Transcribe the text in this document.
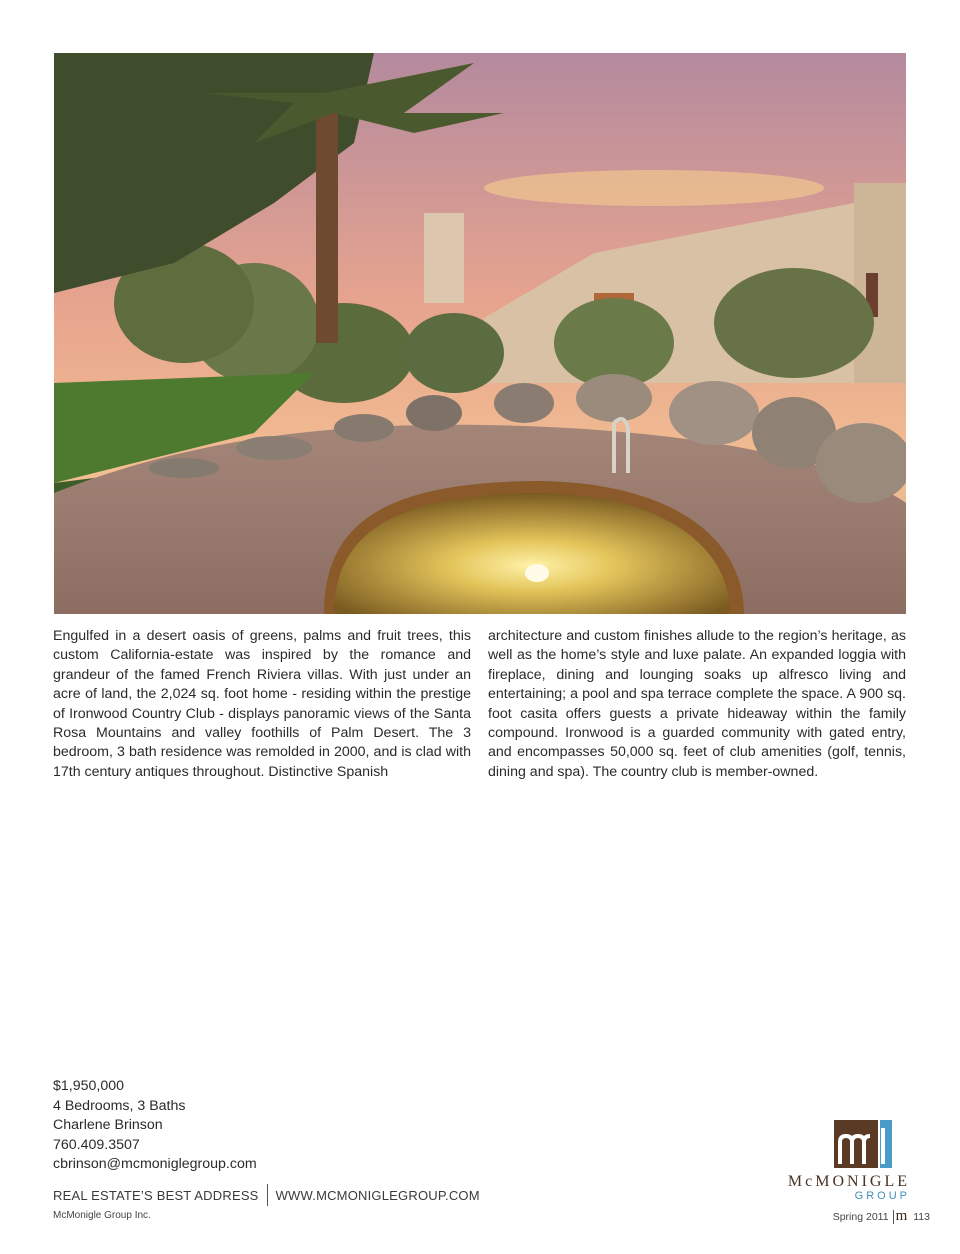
Engulfed in a desert oasis of greens, palms and fruit trees, this custom California-estate was inspired by the romance and grandeur of the famed French Riviera villas. With just under an acre of land, the 2,024 sq. foot home - residing within the prestige of Ironwood Country Club - displays panoramic views of the Santa Rosa Mountains and valley foothills of Palm Desert. The 3 bedroom, 3 bath residence was remolded in 2000, and is clad with 17th century antiques throughout. Distinctive Spanish

architecture and custom finishes allude to the region’s heritage, as well as the home’s style and luxe palate. An expanded loggia with fireplace, dining and lounging soaks up alfresco living and entertaining; a pool and spa terrace complete the space. A 900 sq. foot casita offers guests a private hideaway within the family compound. Ironwood is a guarded community with gated entry, and encompasses 50,000 sq. feet of club amenities (golf, tennis, dining and spa). The country club is member-owned.

$1,950,000
4 Bedrooms, 3 Baths
Charlene Brinson
760.409.3507
cbrinson@mcmoniglegroup.com
REAL ESTATE’S BEST ADDRESS WWW.MCMONIGLEGROUP.COM
McMonigle Group Inc.
McMONIGLE
GROUP
Spring 2011 m 113
